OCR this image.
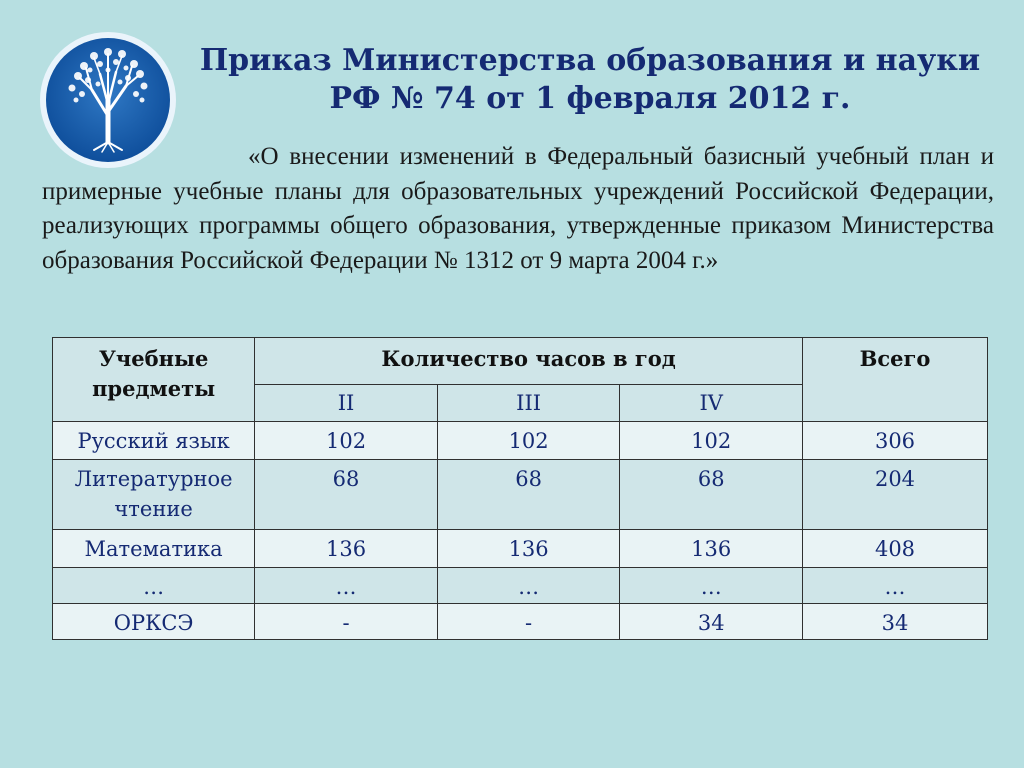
Приказ Министерства образования и науки
РФ № 74 от 1 февраля 2012 г.
«О внесении изменений в Федеральный базисный учебный план и примерные учебные планы для образовательных учреждений Российской Федерации, реализующих программы общего образования, утвержденные приказом Министерства образования Российской Федерации № 1312 от 9 марта 2004 г.»
Учебные предметы	Количество часов в год			Всего
	II	III	IV	
Русский язык	102	102	102	306
Литературное чтение	68	68	68	204
Математика	136	136	136	408
…	…	…	…	…
ОРКСЭ	-	-	34	34
